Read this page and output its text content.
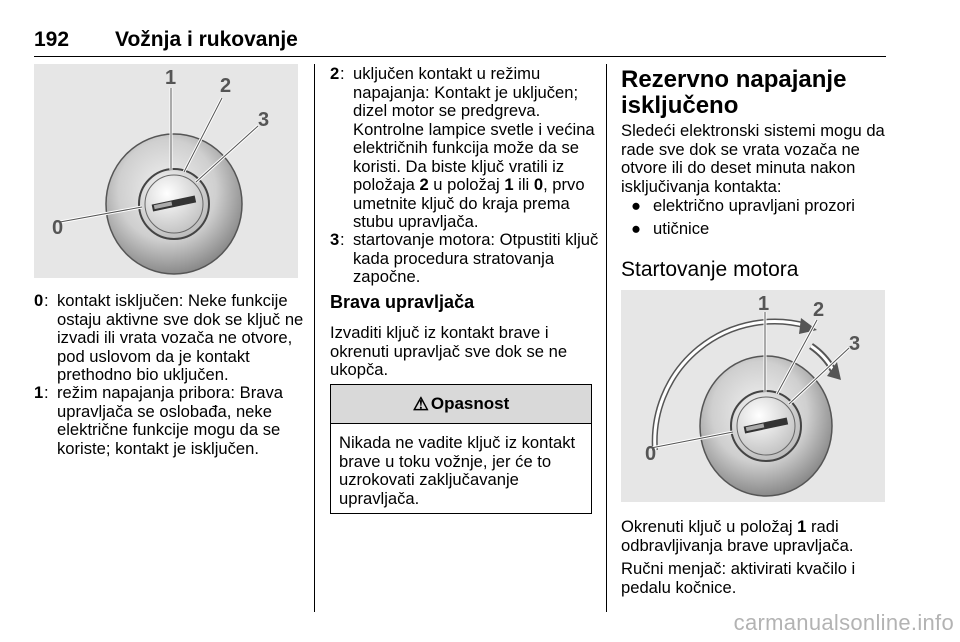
192 Vožnja i rukovanje
0
1 2
3
0 : kontakt isključen: Neke funkcije
ostaju aktivne sve dok se ključ ne
izvadi ili vrata vozača ne otvore,
pod uslovom da je kontakt
prethodno bio uključen.
1 : režim napajanja pribora: Brava
upravljača se oslobađa, neke
električne funkcije mogu da se
koriste; kontakt je isključen.
2 : uključen kontakt u režimu
napajanja: Kontakt je uključen;
dizel motor se predgreva.
Kontrolne lampice svetle i većina
električnih funkcija može da se
koristi. Da biste ključ vratili iz
položaja 2 u položaj 1 ili 0, prvo
umetnite ključ do kraja prema
stubu upravljača.
3 : startovanje motora: Otpustiti ključ
kada procedura stratovanja
započne.
Brava upravljača
Izvaditi ključ iz kontakt brave i
okrenuti upravljač sve dok se ne
ukopča.
⚠ Opasnost
Nikada ne vadite ključ iz kontakt
brave u toku vožnje, jer će to
uzrokovati zaključavanje
upravljača.
Rezervno napajanje
isključeno
Sledeći elektronski sistemi mogu da
rade sve dok se vrata vozača ne
otvore ili do deset minuta nakon
isključivanja kontakta:
● električno upravljani prozori
● utičnice
Startovanje motora
0
1 2
3
Okrenuti ključ u položaj 1 radi
odbravljivanja brave upravljača.
Ručni menjač: aktivirati kvačilo i
pedalu kočnice.
carmanualsonline.info
